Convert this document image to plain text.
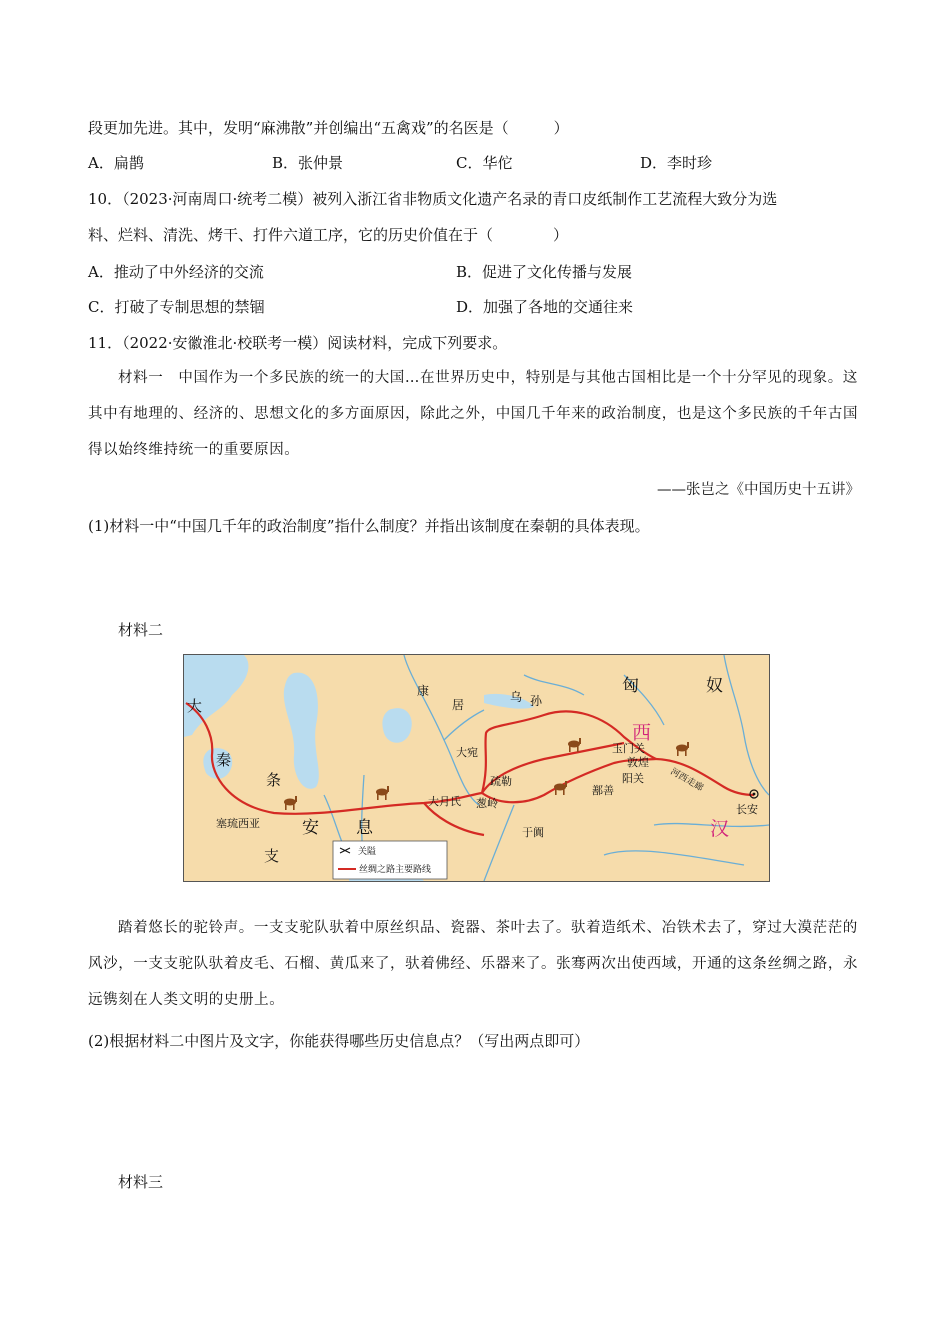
段更加先进。其中，发明“麻沸散”并创编出“五禽戏”的名医是（　　　）
A．扁鹊	B．张仲景	C．华佗	D．李时珍
10．（2023·河南周口·统考二模）被列入浙江省非物质文化遗产名录的青口皮纸制作工艺流程大致分为选
料、烂料、清洗、烤干、打件六道工序，它的历史价值在于（　　　　）
A．推动了中外经济的交流	B．促进了文化传播与发展
C．打破了专制思想的禁锢	D．加强了各地的交通往来
11．（2022·安徽淮北·校联考一模）阅读材料，完成下列要求。
材料一　中国作为一个多民族的统一的大国…在世界历史中，特别是与其他古国相比是一个十分罕见的现象。这其中有地理的、经济的、思想文化的多方面原因，除此之外，中国几千年来的政治制度，也是这个多民族的千年古国得以始终维持统一的重要原因。
——张岂之《中国历史十五讲》
(1)材料一中“中国几千年的政治制度”指什么制度？并指出该制度在秦朝的具体表现。
材料二
匈	奴
西
汉
大
秦
条
支
安 息
康
居
乌 孙
大宛
疏勒
葱岭
大月氏
于阗
鄯善
玉门关
阳关
敦煌
河西走廊
长安
塞琉西亚
关隘
丝绸之路主要路线
踏着悠长的驼铃声。一支支驼队驮着中原丝织品、瓷器、茶叶去了。驮着造纸术、冶铁术去了，穿过大漠茫茫的风沙，一支支驼队驮着皮毛、石榴、黄瓜来了，驮着佛经、乐器来了。张骞两次出使西域，开通的这条丝绸之路，永远镌刻在人类文明的史册上。
(2)根据材料二中图片及文字，你能获得哪些历史信息点？（写出两点即可）
材料三
